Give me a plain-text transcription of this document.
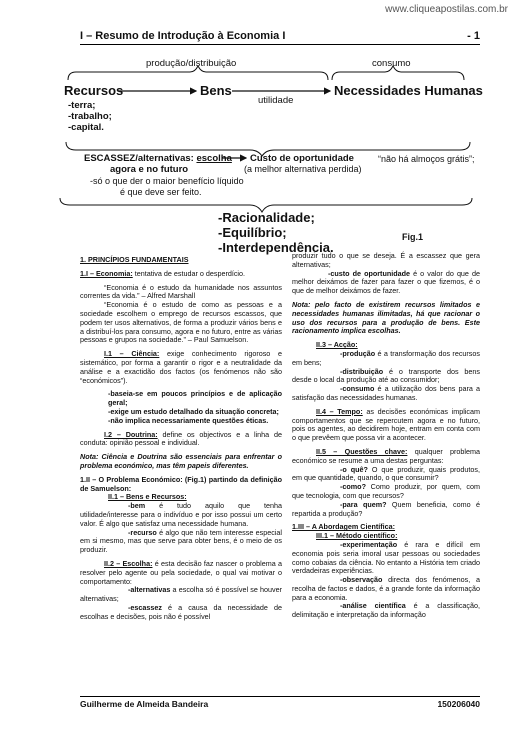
www.cliqueapostilas.com.br
I – Resumo de Introdução à Economia I	- 1
produção/distribuição	consumo
Recursos	Bens	Necessidades Humanas
utilidade
-terra;
-trabalho;
-capital.
ESCASSEZ/alternativas: escolha
agora e no futuro
Custo de oportunidade
(a melhor alternativa perdida)
“não há almoços grátis”;
-só o que der o maior benefício líquido
é que deve ser feito.
-Racionalidade;
-Equilíbrio;
-Interdependência.
Fig.1

1. PRINCÍPIOS FUNDAMENTAIS

1.I – Economia: tentativa de estudar o desperdício.

“Economia é o estudo da humanidade nos assuntos correntes da vida.” – Alfred Marshall

“Economia é o estudo de como as pessoas e a sociedade escolhem o emprego de recursos escassos, que podem ter usos alternativos, de forma a produzir vários bens e a distribuí-los para consumo, agora e no futuro, entre as várias pessoas e grupos na sociedade.” – Paul Samuelson.

I.1 – Ciência: exige conhecimento rigoroso e sistemático, por forma a garantir o rigor e a neutralidade da análise e a exactidão dos factos (os fenómenos não são “económicos”).

-baseia-se em poucos princípios e de aplicação geral;

-exige um estudo detalhado da situação concreta;

-não implica necessariamente questões éticas.

I.2 – Doutrina: define os objectivos e a linha de conduta: opinião pessoal e individual.

Nota: Ciência e Doutrina são essenciais para enfrentar o problema económico, mas têm papeis diferentes.

1.II – O Problema Económico: (Fig.1) partindo da definição de Samuelson:

II.1 – Bens e Recursos:

-bem é tudo aquilo que tenha utilidade/interesse para o indivíduo e por isso possui um certo valor. É algo que satisfaz uma necessidade humana.

-recurso é algo que não tem interesse especial em si mesmo, mas que serve para obter bens, é o meio de os produzir.

II.2 – Escolha: é esta decisão faz nascer o problema a resolver pelo agente ou pela sociedade, o qual vai motivar o comportamento:

-alternativas a escolha só é possível se houver alternativas;

-escassez é a causa da necessidade de escolhas e decisões, pois não é possível

produzir tudo o que se deseja. É a escassez que gera alternativas;

-custo de oportunidade é o valor do que de melhor deixámos de fazer para fazer o que fizemos, é o que de melhor deixámos de fazer.

Nota: pelo facto de existirem recursos limitados e necessidades humanas ilimitadas, há que racionar o uso dos recursos para a produção de bens. Este racionamento implica escolhas.

II.3 – Acção:

-produção é a transformação dos recursos em bens;

-distribuição é o transporte dos bens desde o local da produção até ao consumidor;

-consumo é a utilização dos bens para a satisfação das necessidades humanas.

II.4 – Tempo: as decisões económicas implicam comportamentos que se repercutem agora e no futuro, pois os agentes, ao decidirem hoje, entram em conta com o que prevêem que possa vir a acontecer.

II.5 – Questões chave: qualquer problema económico se resume a uma destas perguntas:

-o quê? O que produzir, quais produtos, em que quantidade, quando, o que consumir?

-como? Como produzir, por quem, com que tecnologia, com que recursos?

-para quem? Quem beneficia, como é repartida a produção?

1.III – A Abordagem Científica:

III.1 – Método científico:

-experimentação é rara e difícil em economia pois seria imoral usar pessoas ou sociedades como cobaias da ciência. No entanto a História tem criado verdadeiras experiências.

-observação directa dos fenómenos, a recolha de factos e dados, é a grande fonte da informação para a economia.

-análise científica é a classificação, delimitação e interpretação da informação

Guilherme de Almeida Bandeira	150206040
